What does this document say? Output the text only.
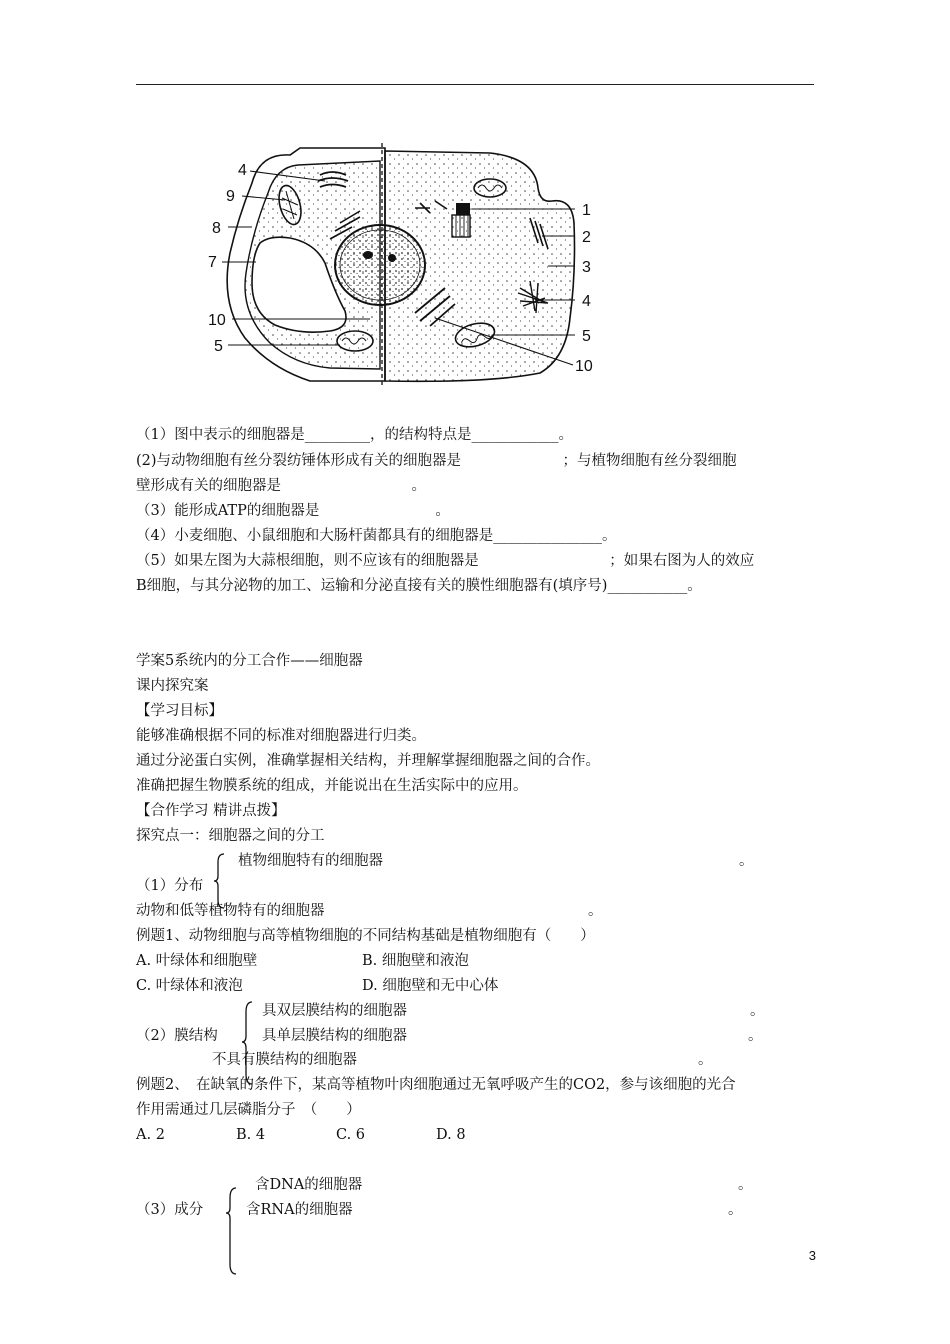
4
9
8
7
10
5
1
2
3
4
5
10
（1）图中表示的细胞器是_________，的结构特点是____________。
(2)与动物细胞有丝分裂纺锤体形成有关的细胞器是　　　　　　　；与植物细胞有丝分裂细胞
壁形成有关的细胞器是　　　　　　　　　。
（3）能形成ATP的细胞器是　　　　　　　　。
（4）小麦细胞、小鼠细胞和大肠杆菌都具有的细胞器是_______________。
（5）如果左图为大蒜根细胞，则不应该有的细胞器是　　　　　　　　　；如果右图为人的效应
B细胞，与其分泌物的加工、运输和分泌直接有关的膜性细胞器有(填序号)___________。
学案5系统内的分工合作——细胞器
课内探究案
【学习目标】
能够准确根据不同的标准对细胞器进行归类。
通过分泌蛋白实例，准确掌握相关结构，并理解掌握细胞器之间的合作。
准确把握生物膜系统的组成，并能说出在生活实际中的应用。
【合作学习 精讲点拨】
探究点一：细胞器之间的分工
植物细胞特有的细胞器	。
（1）分布
动物和低等植物特有的细胞器	。
例题1、动物细胞与高等植物细胞的不同结构基础是植物细胞有（　　）
A. 叶绿体和细胞壁	B. 细胞壁和液泡
C. 叶绿体和液泡	D. 细胞壁和无中心体
具双层膜结构的细胞器	。
（2）膜结构	具单层膜结构的细胞器	。
不具有膜结构的细胞器	。
例题2、　在缺氧的条件下，某高等植物叶肉细胞通过无氧呼吸产生的CO2，参与该细胞的光合
作用需通过几层磷脂分子　（　　）
A. 2	B. 4	C. 6	D. 8
含DNA的细胞器	。
（3）成分	含RNA的细胞器	。
3
